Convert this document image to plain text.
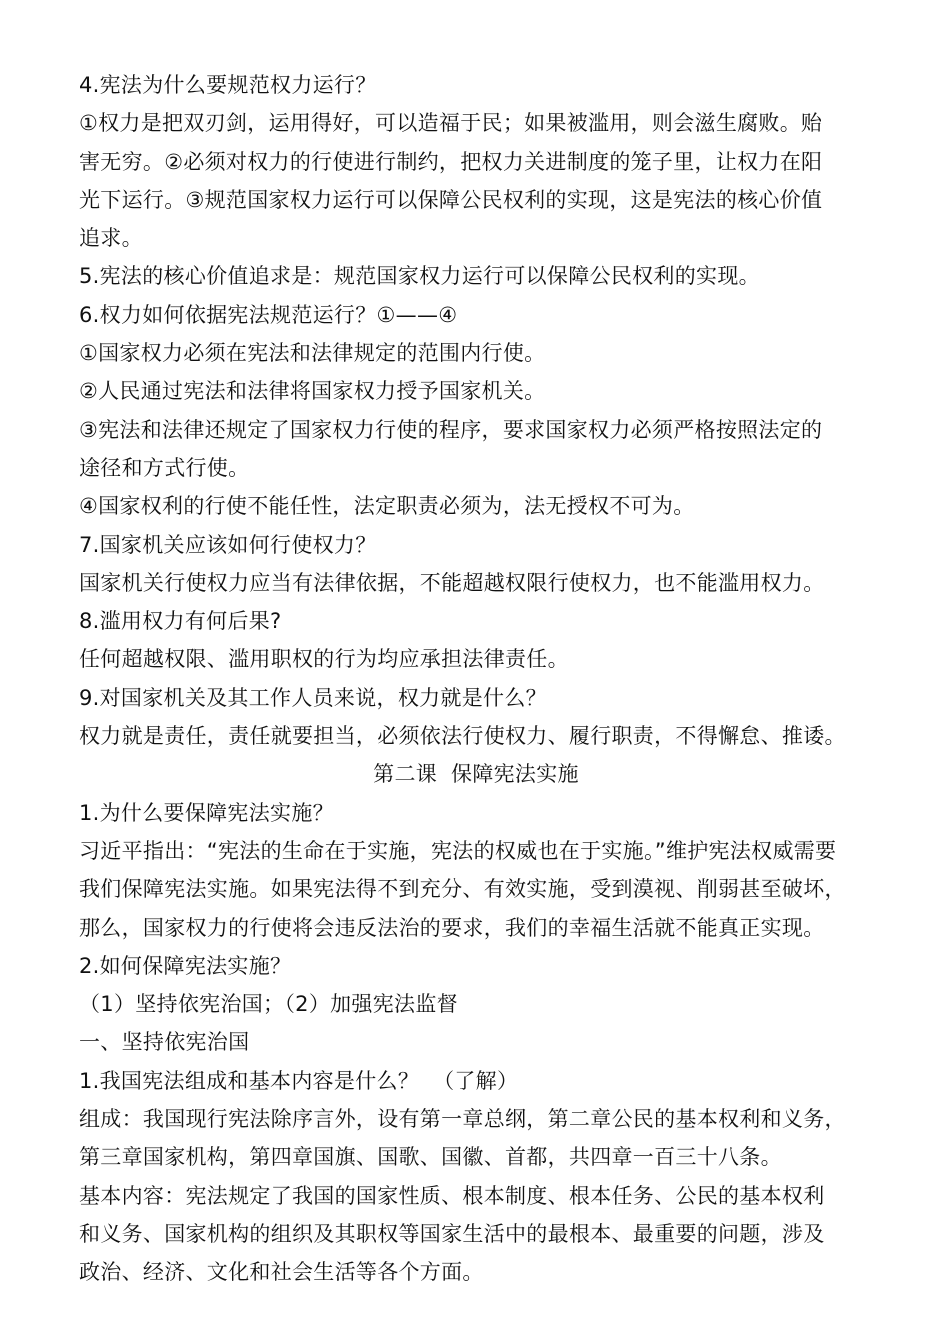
4.宪法为什么要规范权力运行？

①权力是把双刃剑，运用得好，可以造福于民；如果被滥用，则会滋生腐败。贻

害无穷。②必须对权力的行使进行制约，把权力关进制度的笼子里，让权力在阳

光下运行。③规范国家权力运行可以保障公民权利的实现，这是宪法的核心价值

追求。

5.宪法的核心价值追求是：规范国家权力运行可以保障公民权利的实现。

6.权力如何依据宪法规范运行？①——④

①国家权力必须在宪法和法律规定的范围内行使。

②人民通过宪法和法律将国家权力授予国家机关。

③宪法和法律还规定了国家权力行使的程序，要求国家权力必须严格按照法定的

途径和方式行使。

④国家权利的行使不能任性，法定职责必须为，法无授权不可为。

7.国家机关应该如何行使权力？

国家机关行使权力应当有法律依据，不能超越权限行使权力，也不能滥用权力。

8.滥用权力有何后果?

任何超越权限、滥用职权的行为均应承担法律责任。

9.对国家机关及其工作人员来说，权力就是什么？

权力就是责任，责任就要担当，必须依法行使权力、履行职责，不得懈怠、推诿。

第二课  保障宪法实施

1.为什么要保障宪法实施？

习近平指出：“宪法的生命在于实施，宪法的权威也在于实施。”维护宪法权威需要

我们保障宪法实施。如果宪法得不到充分、有效实施，受到漠视、削弱甚至破坏，

那么，国家权力的行使将会违反法治的要求，我们的幸福生活就不能真正实现。

2.如何保障宪法实施？

（1）坚持依宪治国；（2）加强宪法监督

一、坚持依宪治国

1.我国宪法组成和基本内容是什么？  （了解）

组成：我国现行宪法除序言外，设有第一章总纲，第二章公民的基本权利和义务，

第三章国家机构，第四章国旗、国歌、国徽、首都，共四章一百三十八条。

基本内容：宪法规定了我国的国家性质、根本制度、根本任务、公民的基本权利

和义务、国家机构的组织及其职权等国家生活中的最根本、最重要的问题，涉及

政治、经济、文化和社会生活等各个方面。
